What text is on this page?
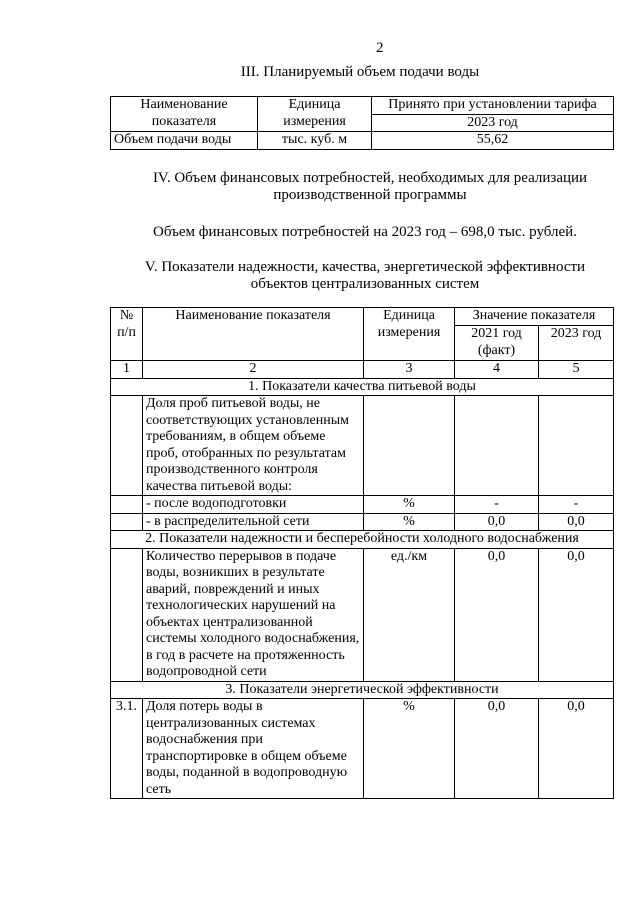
2
III. Планируемый объем подачи воды
Наименование показателя	Единица измерения	Принято при установлении тарифа
		2023 год
Объем подачи воды	тыс. куб. м	55,62
IV. Объем финансовых потребностей, необходимых для реализации производственной программы
Объем финансовых потребностей на 2023 год – 698,0 тыс. рублей.
V. Показатели надежности, качества, энергетической эффективности объектов централизованных систем
№ п/п	Наименование показателя	Единица измерения	Значение показателя	
			2021 год (факт)	2023 год
1	2	3	4	5
1. Показатели качества питьевой воды				
	Доля проб питьевой воды, не соответствующих установленным требованиям, в общем объеме проб, отобранных по результатам производственного контроля качества питьевой воды:			
	- после водоподготовки	%	-	-
	- в распределительной сети	%	0,0	0,0
2. Показатели надежности и бесперебойности холодного водоснабжения				
	Количество перерывов в подаче воды, возникших в результате аварий, повреждений и иных технологических нарушений на объектах централизованной системы холодного водоснабжения, в год в расчете на протяженность водопроводной сети	ед./км	0,0	0,0
3. Показатели энергетической эффективности				
3.1.	Доля потерь воды в централизованных системах водоснабжения при транспортировке в общем объеме воды, поданной в водопроводную сеть	%	0,0	0,0
